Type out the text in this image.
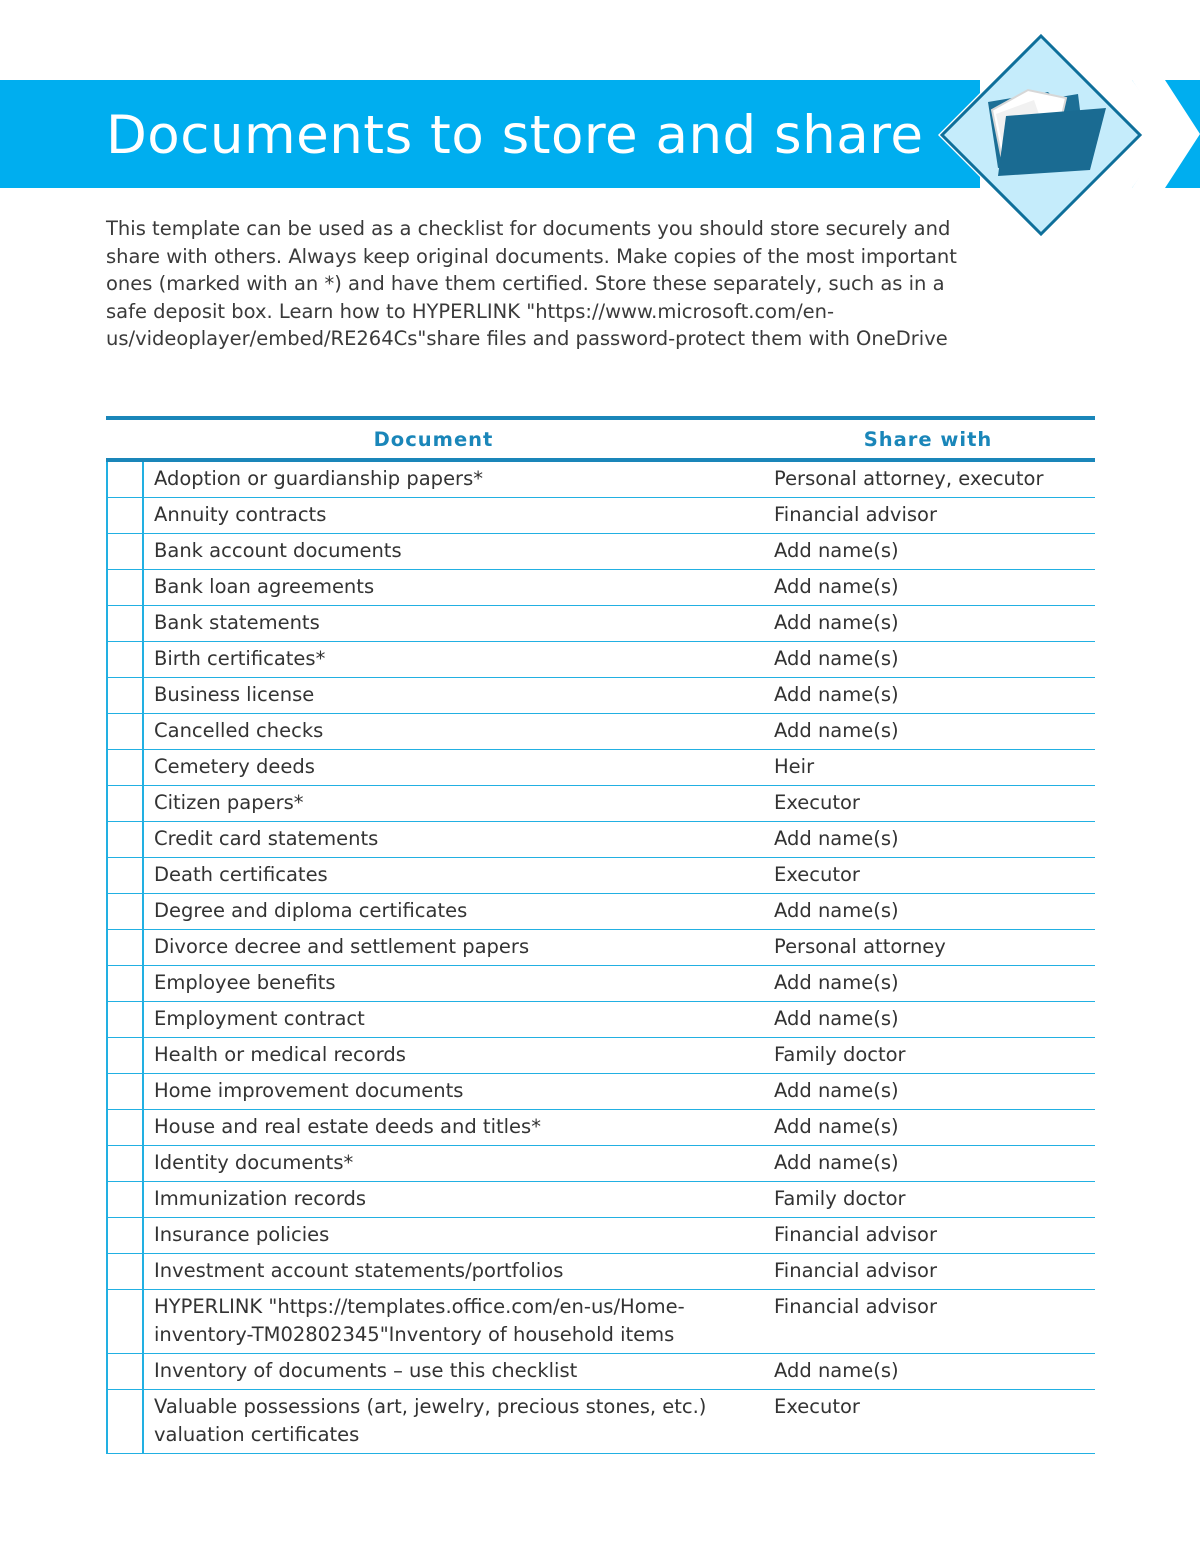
Documents to store and share

This template can be used as a checklist for documents you should store securely and share with others. Always keep original documents. Make copies of the most important ones (marked with an *) and have them certified. Store these separately, such as in a safe deposit box. Learn how to HYPERLINK "https://www.microsoft.com/en-us/videoplayer/embed/RE264Cs"share files and password-protect them with OneDrive

Document	Share with
	Adoption or guardianship papers*	Personal attorney, executor
	Annuity contracts	Financial advisor
	Bank account documents	Add name(s)
	Bank loan agreements	Add name(s)
	Bank statements	Add name(s)
	Birth certificates*	Add name(s)
	Business license	Add name(s)
	Cancelled checks	Add name(s)
	Cemetery deeds	Heir
	Citizen papers*	Executor
	Credit card statements	Add name(s)
	Death certificates	Executor
	Degree and diploma certificates	Add name(s)
	Divorce decree and settlement papers	Personal attorney
	Employee benefits	Add name(s)
	Employment contract	Add name(s)
	Health or medical records	Family doctor
	Home improvement documents	Add name(s)
	House and real estate deeds and titles*	Add name(s)
	Identity documents*	Add name(s)
	Immunization records	Family doctor
	Insurance policies	Financial advisor
	Investment account statements/portfolios	Financial advisor
	HYPERLINK "https://templates.office.com/en-us/Home-inventory-TM02802345"Inventory of household items	Financial advisor
	Inventory of documents – use this checklist	Add name(s)
	Valuable possessions (art, jewelry, precious stones, etc.) valuation certificates	Executor
